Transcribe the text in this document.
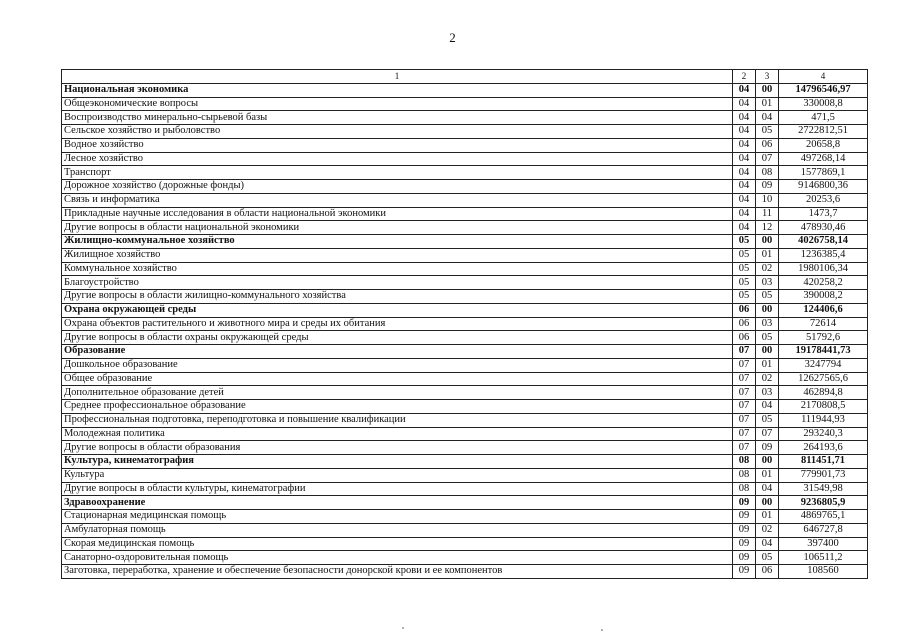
2
1	2	3	4
Национальная экономика	04	00	14796546,97
Общеэкономические вопросы	04	01	330008,8
Воспроизводство минерально-сырьевой базы	04	04	471,5
Сельское хозяйство и рыболовство	04	05	2722812,51
Водное хозяйство	04	06	20658,8
Лесное хозяйство	04	07	497268,14
Транспорт	04	08	1577869,1
Дорожное хозяйство (дорожные фонды)	04	09	9146800,36
Связь и информатика	04	10	20253,6
Прикладные научные исследования в области национальной экономики	04	11	1473,7
Другие вопросы в области национальной экономики	04	12	478930,46
Жилищно-коммунальное хозяйство	05	00	4026758,14
Жилищное хозяйство	05	01	1236385,4
Коммунальное хозяйство	05	02	1980106,34
Благоустройство	05	03	420258,2
Другие вопросы в области жилищно-коммунального хозяйства	05	05	390008,2
Охрана окружающей среды	06	00	124406,6
Охрана объектов растительного и животного мира и среды их обитания	06	03	72614
Другие вопросы в области охраны окружающей среды	06	05	51792,6
Образование	07	00	19178441,73
Дошкольное образование	07	01	3247794
Общее образование	07	02	12627565,6
Дополнительное образование детей	07	03	462894,8
Среднее профессиональное образование	07	04	2170808,5
Профессиональная подготовка, переподготовка и повышение квалификации	07	05	111944,93
Молодежная политика	07	07	293240,3
Другие вопросы в области образования	07	09	264193,6
Культура, кинематография	08	00	811451,71
Культура	08	01	779901,73
Другие вопросы в области культуры, кинематографии	08	04	31549,98
Здравоохранение	09	00	9236805,9
Стационарная медицинская помощь	09	01	4869765,1
Амбулаторная помощь	09	02	646727,8
Скорая медицинская помощь	09	04	397400
Санаторно-оздоровительная помощь	09	05	106511,2
Заготовка, переработка, хранение и обеспечение безопасности донорской крови и ее компонентов	09	06	108560
